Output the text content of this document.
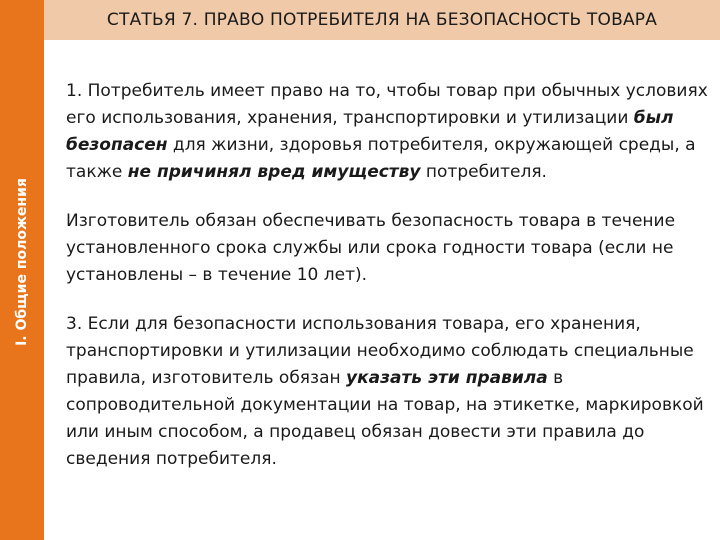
I. Общие положения
СТАТЬЯ 7. ПРАВО ПОТРЕБИТЕЛЯ НА БЕЗОПАСНОСТЬ ТОВАРА

1. Потребитель имеет право на то, чтобы товар при обычных условиях его использования, хранения, транспортировки и утилизации был безопасен для жизни, здоровья потребителя, окружающей среды, а также не причинял вред имуществу потребителя.

Изготовитель обязан обеспечивать безопасность товара в течение установленного срока службы или срока годности товара (если не установлены – в течение 10 лет).

3. Если для безопасности использования товара, его хранения, транспортировки и утилизации необходимо соблюдать специальные правила, изготовитель обязан указать эти правила в сопроводительной документации на товар, на этикетке, маркировкой или иным способом, а продавец обязан довести эти правила до сведения потребителя.
